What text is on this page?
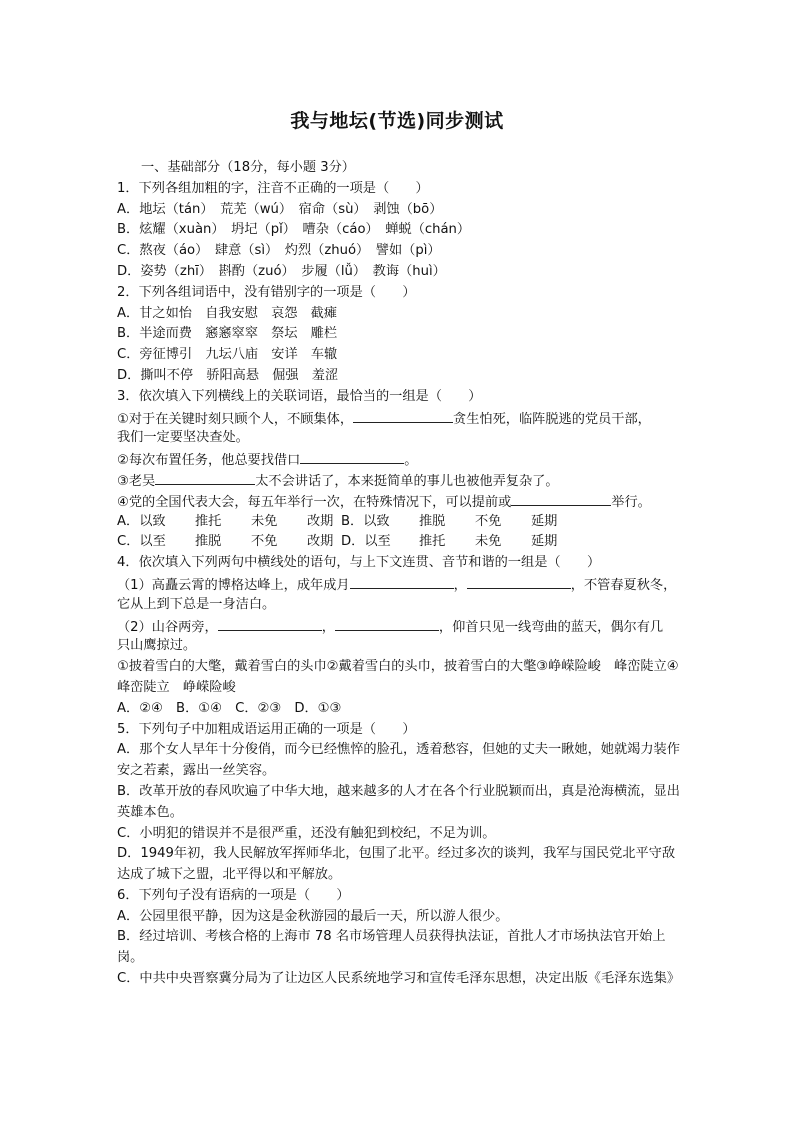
我与地坛(节选)同步测试
一、基础部分（18分，每小题 3分）
1．下列各组加粗的字，注音不正确的一项是（　　）
A．地坛（tán）　荒芜（wú）　宿命（sù）　剥蚀（bō）
B．炫耀（xuàn）　坍圮（pǐ）　嘈杂（cáo）　蝉蜕（chán）
C．熬夜（áo）　肆意（sì）　灼烈（zhuó）　譬如（pì）
D．姿势（zhī）　斟酌（zuó）　步履（lǚ）　教诲（huì）
2．下列各组词语中，没有错别字的一项是（　　）
A．甘之如怡　自我安慰　哀怨　截瘫
B．半途而费　窸窸窣窣　祭坛　雕栏
C．旁征博引　九坛八庙　安详　车辙
D．撕叫不停　骄阳高悬　倔强　羞涩
3．依次填入下列横线上的关联词语，最恰当的一组是（　　）
①对于在关键时刻只顾个人，不顾集体，	贪生怕死，临阵脱逃的党员干部，
我们一定要坚决查处。
②每次布置任务，他总要找借口	。
③老吴	太不会讲话了，本来挺简单的事儿也被他弄复杂了。
④党的全国代表大会，每五年举行一次，在特殊情况下，可以提前或	举行。
A．以致 推托 未免 改期 B．以致 推脱 不免 延期
C．以至 推脱 不免 改期 D．以至 推托 未免 延期
4．依次填入下列两句中横线处的语句，与上下文连贯、音节和谐的一组是（　　）
（1）高矗云霄的博格达峰上，成年成月	，	，不管春夏秋冬，
它从上到下总是一身洁白。
（2）山谷两旁，	，	，仰首只见一线弯曲的蓝天，偶尔有几
只山鹰掠过。
①披着雪白的大氅，戴着雪白的头巾②戴着雪白的头巾，披着雪白的大氅③峥嵘险峻　峰峦陡立④峰峦陡立　峥嵘险峻
A．②④　B．①④　C．②③　D．①③
5．下列句子中加粗成语运用正确的一项是（　　）
A．那个女人早年十分俊俏，而今已经憔悴的脸孔，透着愁容，但她的丈夫一瞅她，她就竭力装作安之若素，露出一丝笑容。
B．改革开放的春风吹遍了中华大地，越来越多的人才在各个行业脱颖而出，真是沧海横流，显出英雄本色。
C．小明犯的错误并不是很严重，还没有触犯到校纪，不足为训。
D．1949年初，我人民解放军挥师华北，包围了北平。经过多次的谈判，我军与国民党北平守敌达成了城下之盟，北平得以和平解放。
6．下列句子没有语病的一项是（　　）
A．公园里很平静，因为这是金秋游园的最后一天，所以游人很少。
B．经过培训、考核合格的上海市 78 名市场管理人员获得执法证，首批人才市场执法官开始上岗。
C．中共中央晋察冀分局为了让边区人民系统地学习和宣传毛泽东思想，决定出版《毛泽东选集》
